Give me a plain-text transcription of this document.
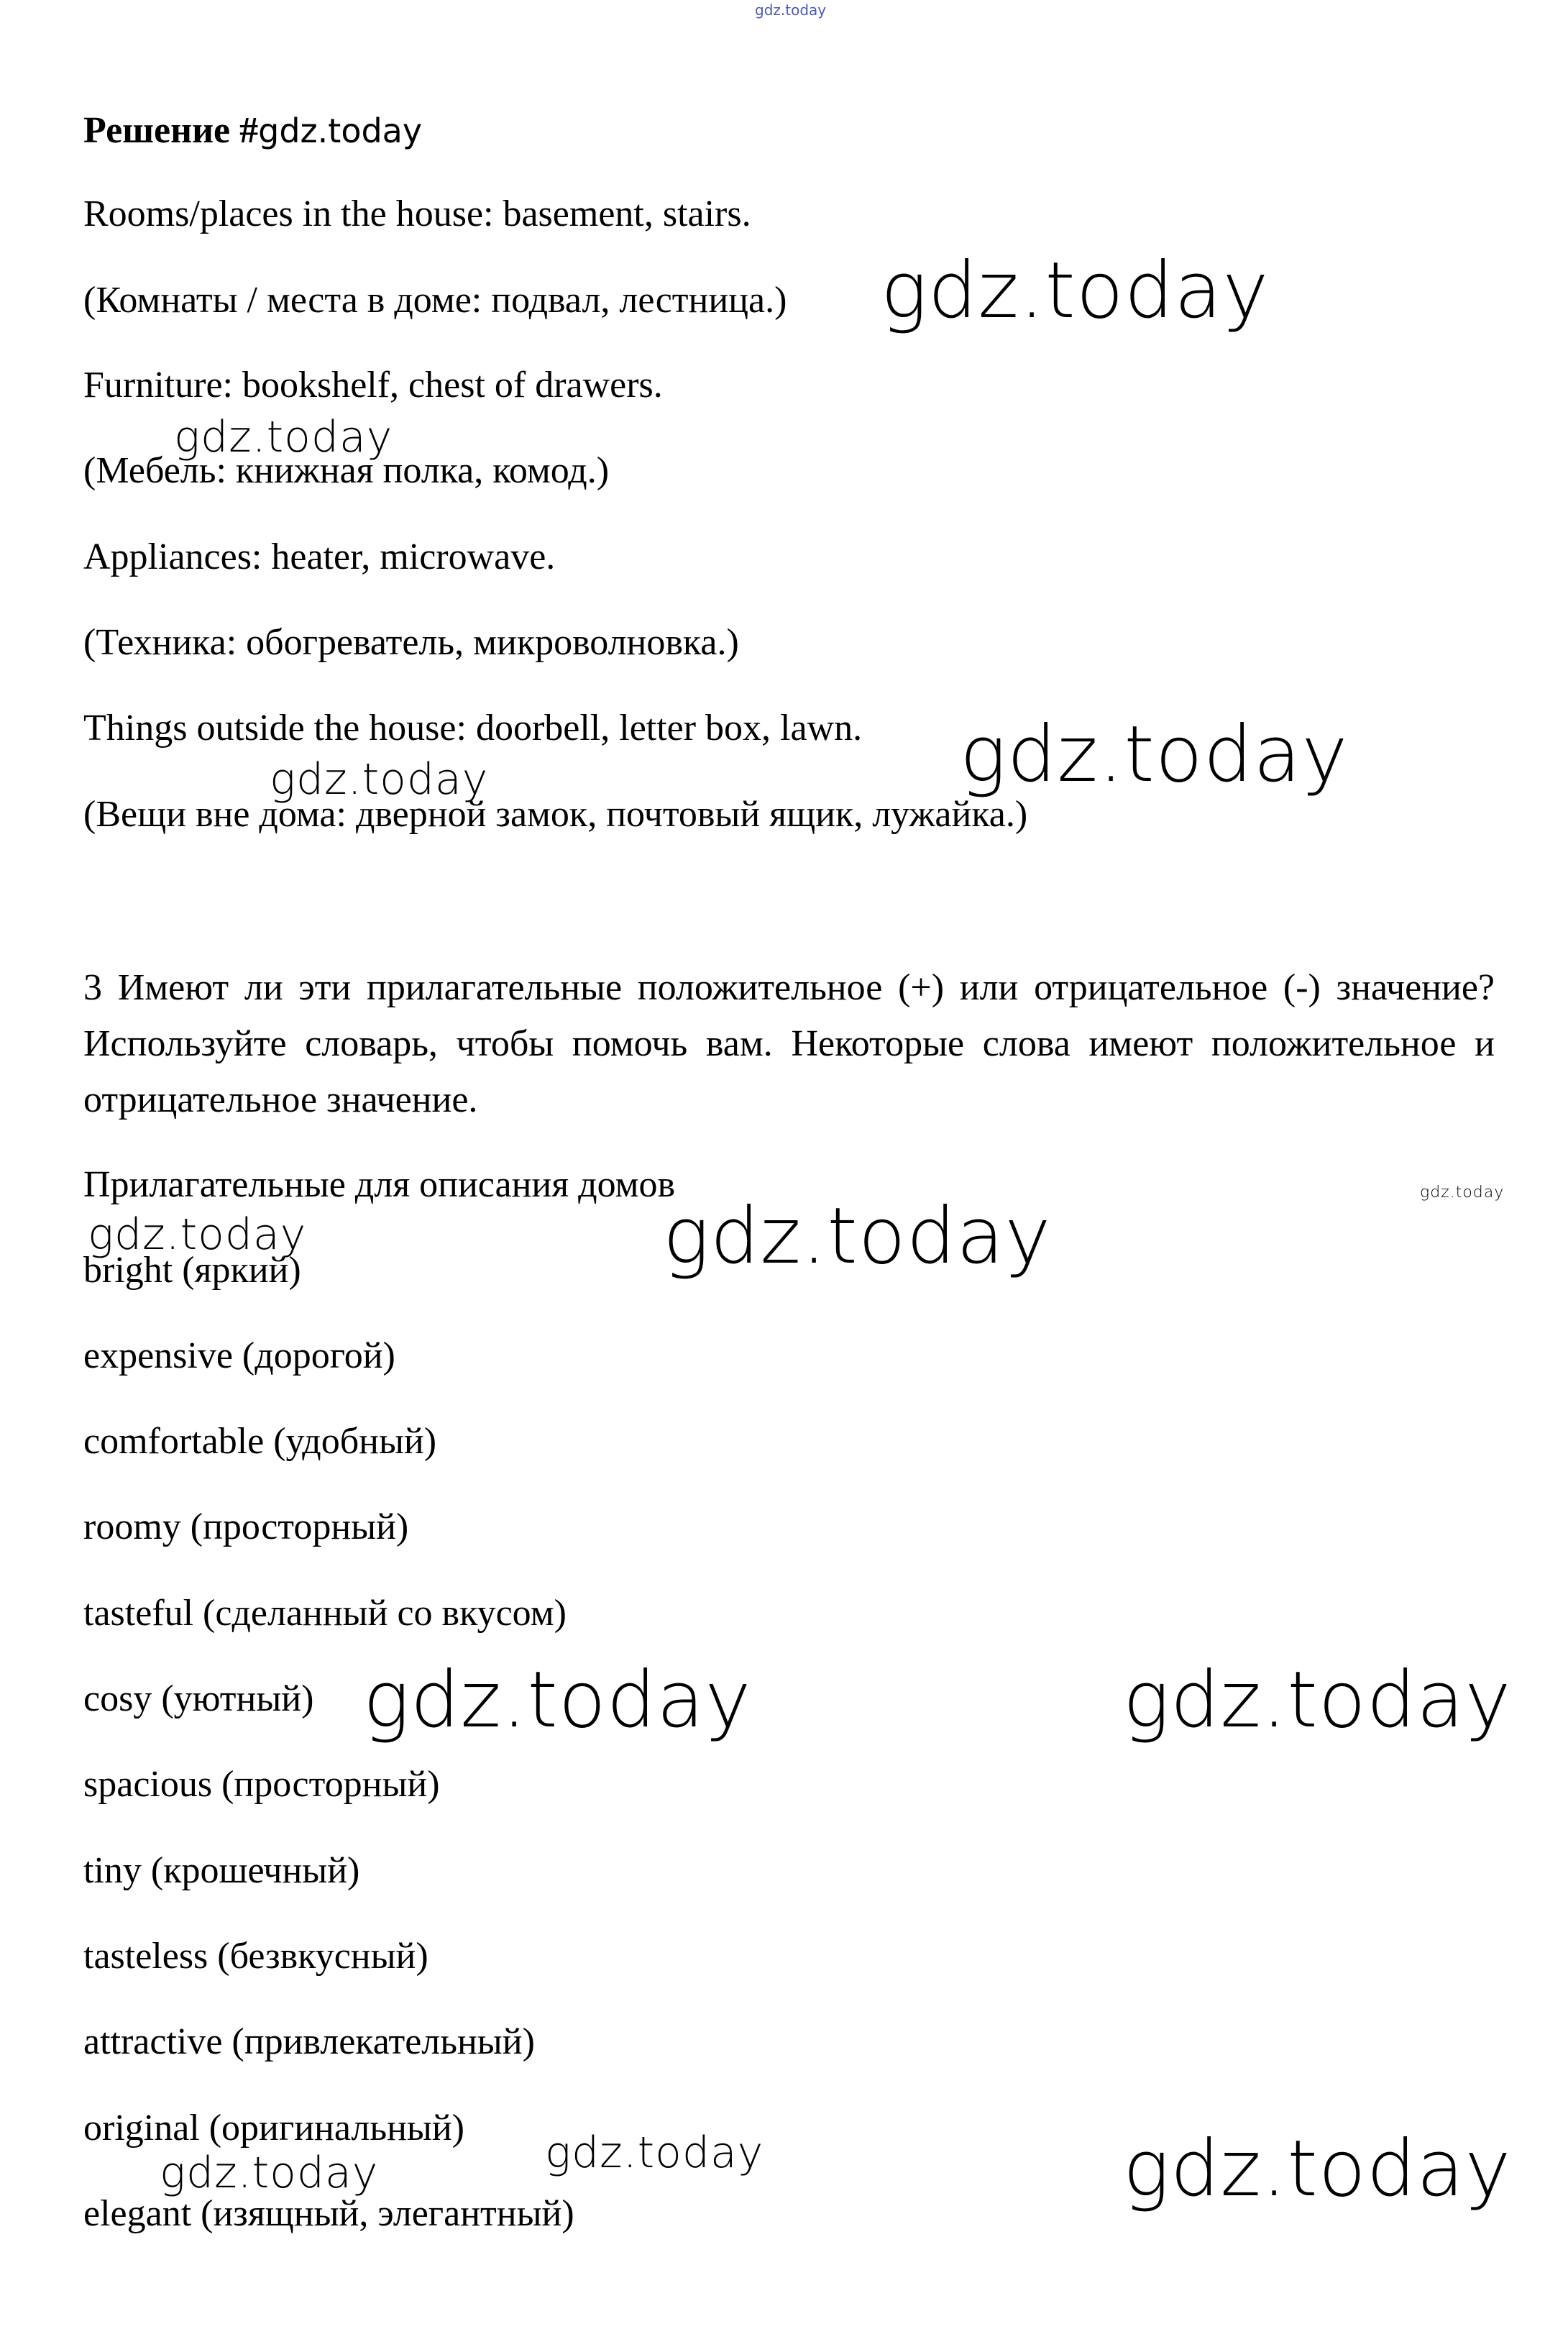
gdz.today
Решение #gdz.today
Rooms/places in the house: basement, stairs.
(Комнаты / места в доме: подвал, лестница.)
Furniture: bookshelf, chest of drawers.
(Мебель: книжная полка, комод.)
Appliances: heater, microwave.
(Техника: обогреватель, микроволновка.)
Things outside the house: doorbell, letter box, lawn.
(Вещи вне дома: дверной замок, почтовый ящик, лужайка.)
3 Имеют ли эти прилагательные положительное (+) или отрицательное (-) значение? Используйте словарь, чтобы помочь вам. Некоторые слова имеют положительное и отрицательное значение.
Прилагательные для описания домов
bright (яркий)
expensive (дорогой)
comfortable (удобный)
roomy (просторный)
tasteful (сделанный со вкусом)
cosy (уютный)
spacious (просторный)
tiny (крошечный)
tasteless (безвкусный)
attractive (привлекательный)
original (оригинальный)
elegant (изящный, элегантный)
gdz.today
gdz.today
gdz.today
gdz.today
gdz.today
gdz.today	gdz.today
gdz.today	gdz.today
gdz.today
gdz.today	gdz.today
